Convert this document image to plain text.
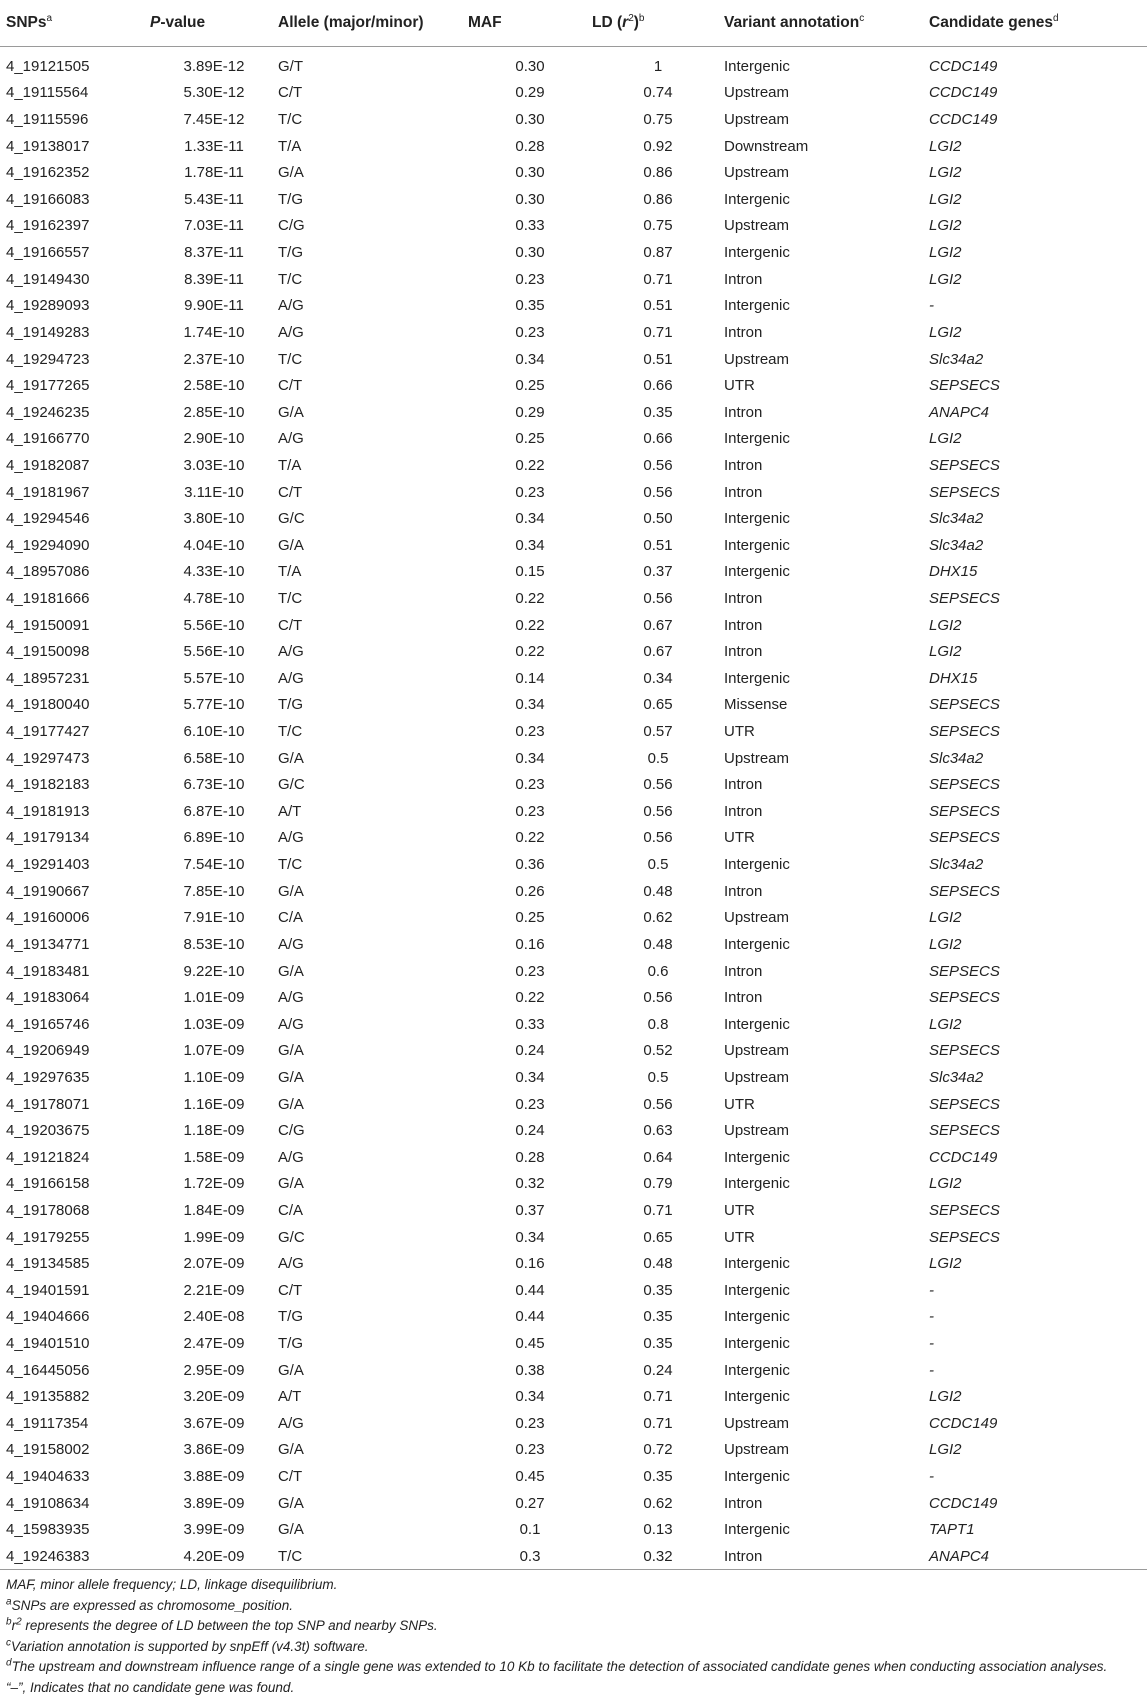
SNPs$^a$	P-value	Allele (major/minor)	MAF	LD $(r^2)^b$	Variant annotation$^c$	Candidate genes$^d$
4_19121505	3.89E-12	G/T	0.30	1	Intergenic	CCDC149
4_19115564	5.30E-12	C/T	0.29	0.74	Upstream	CCDC149
4_19115596	7.45E-12	T/C	0.30	0.75	Upstream	CCDC149
4_19138017	1.33E-11	T/A	0.28	0.92	Downstream	LGI2
4_19162352	1.78E-11	G/A	0.30	0.86	Upstream	LGI2
4_19166083	5.43E-11	T/G	0.30	0.86	Intergenic	LGI2
4_19162397	7.03E-11	C/G	0.33	0.75	Upstream	LGI2
4_19166557	8.37E-11	T/G	0.30	0.87	Intergenic	LGI2
4_19149430	8.39E-11	T/C	0.23	0.71	Intron	LGI2
4_19289093	9.90E-11	A/G	0.35	0.51	Intergenic	-
4_19149283	1.74E-10	A/G	0.23	0.71	Intron	LGI2
4_19294723	2.37E-10	T/C	0.34	0.51	Upstream	Slc34a2
4_19177265	2.58E-10	C/T	0.25	0.66	UTR	SEPSECS
4_19246235	2.85E-10	G/A	0.29	0.35	Intron	ANAPC4
4_19166770	2.90E-10	A/G	0.25	0.66	Intergenic	LGI2
4_19182087	3.03E-10	T/A	0.22	0.56	Intron	SEPSECS
4_19181967	3.11E-10	C/T	0.23	0.56	Intron	SEPSECS
4_19294546	3.80E-10	G/C	0.34	0.50	Intergenic	Slc34a2
4_19294090	4.04E-10	G/A	0.34	0.51	Intergenic	Slc34a2
4_18957086	4.33E-10	T/A	0.15	0.37	Intergenic	DHX15
4_19181666	4.78E-10	T/C	0.22	0.56	Intron	SEPSECS
4_19150091	5.56E-10	C/T	0.22	0.67	Intron	LGI2
4_19150098	5.56E-10	A/G	0.22	0.67	Intron	LGI2
4_18957231	5.57E-10	A/G	0.14	0.34	Intergenic	DHX15
4_19180040	5.77E-10	T/G	0.34	0.65	Missense	SEPSECS
4_19177427	6.10E-10	T/C	0.23	0.57	UTR	SEPSECS
4_19297473	6.58E-10	G/A	0.34	0.5	Upstream	Slc34a2
4_19182183	6.73E-10	G/C	0.23	0.56	Intron	SEPSECS
4_19181913	6.87E-10	A/T	0.23	0.56	Intron	SEPSECS
4_19179134	6.89E-10	A/G	0.22	0.56	UTR	SEPSECS
4_19291403	7.54E-10	T/C	0.36	0.5	Intergenic	Slc34a2
4_19190667	7.85E-10	G/A	0.26	0.48	Intron	SEPSECS
4_19160006	7.91E-10	C/A	0.25	0.62	Upstream	LGI2
4_19134771	8.53E-10	A/G	0.16	0.48	Intergenic	LGI2
4_19183481	9.22E-10	G/A	0.23	0.6	Intron	SEPSECS
4_19183064	1.01E-09	A/G	0.22	0.56	Intron	SEPSECS
4_19165746	1.03E-09	A/G	0.33	0.8	Intergenic	LGI2
4_19206949	1.07E-09	G/A	0.24	0.52	Upstream	SEPSECS
4_19297635	1.10E-09	G/A	0.34	0.5	Upstream	Slc34a2
4_19178071	1.16E-09	G/A	0.23	0.56	UTR	SEPSECS
4_19203675	1.18E-09	C/G	0.24	0.63	Upstream	SEPSECS
4_19121824	1.58E-09	A/G	0.28	0.64	Intergenic	CCDC149
4_19166158	1.72E-09	G/A	0.32	0.79	Intergenic	LGI2
4_19178068	1.84E-09	C/A	0.37	0.71	UTR	SEPSECS
4_19179255	1.99E-09	G/C	0.34	0.65	UTR	SEPSECS
4_19134585	2.07E-09	A/G	0.16	0.48	Intergenic	LGI2
4_19401591	2.21E-09	C/T	0.44	0.35	Intergenic	-
4_19404666	2.40E-08	T/G	0.44	0.35	Intergenic	-
4_19401510	2.47E-09	T/G	0.45	0.35	Intergenic	-
4_16445056	2.95E-09	G/A	0.38	0.24	Intergenic	-
4_19135882	3.20E-09	A/T	0.34	0.71	Intergenic	LGI2
4_19117354	3.67E-09	A/G	0.23	0.71	Upstream	CCDC149
4_19158002	3.86E-09	G/A	0.23	0.72	Upstream	LGI2
4_19404633	3.88E-09	C/T	0.45	0.35	Intergenic	-
4_19108634	3.89E-09	G/A	0.27	0.62	Intron	CCDC149
4_15983935	3.99E-09	G/A	0.1	0.13	Intergenic	TAPT1
4_19246383	4.20E-09	T/C	0.3	0.32	Intron	ANAPC4

MAF, minor allele frequency; LD, linkage disequilibrium.

$^a$SNPs are expressed as chromosome_position.

$^br^2$ represents the degree of LD between the top SNP and nearby SNPs.

$^c$Variation annotation is supported by snpEff (v4.3t) software.

$^d$The upstream and downstream influence range of a single gene was extended to 10 Kb to facilitate the detection of associated candidate genes when conducting association analyses.

“–”, Indicates that no candidate gene was found.
